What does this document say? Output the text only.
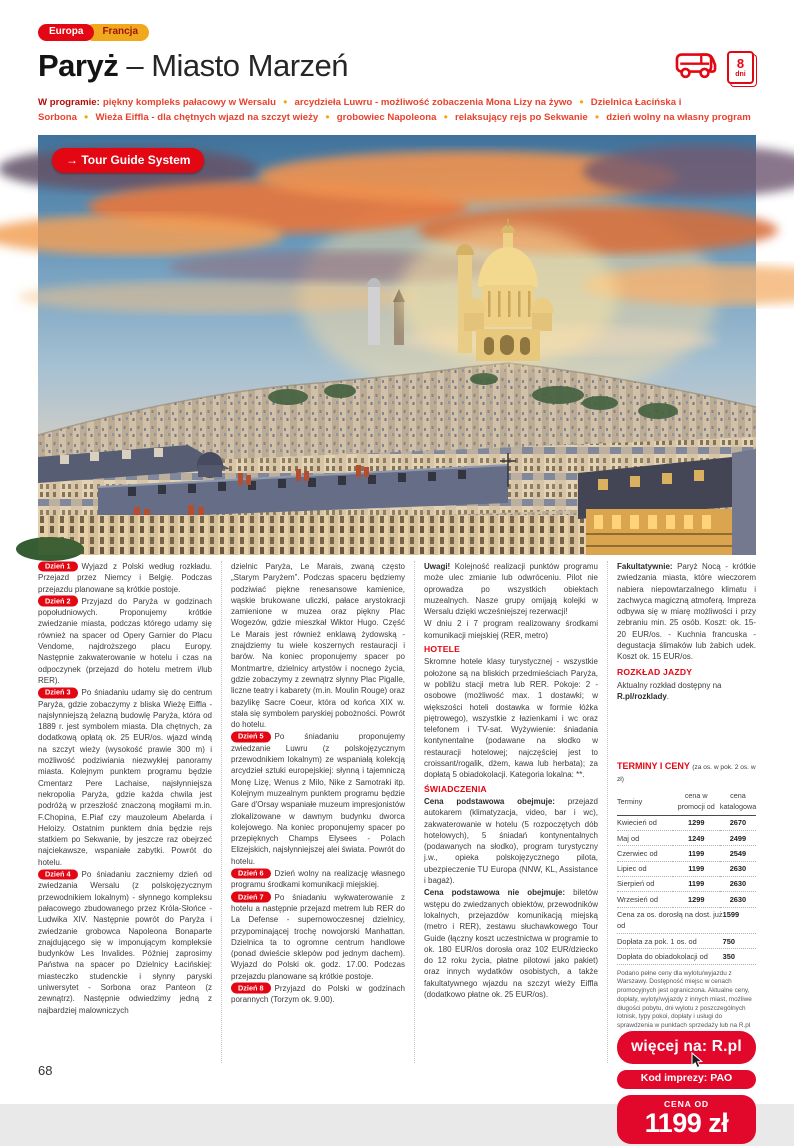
Europa	Francja
Paryż – Miasto Marzeń	8
dni
W programie: piękny kompleks pałacowy w Wersalu ● arcydzieła Luwru - możliwość zobaczenia Mona Lizy na żywo ● Dzielnica Łacińska i Sorbona ● Wieża Eiffla - dla chętnych wjazd na szczyt wieży ● grobowiec Napoleona ● relaksujący rejs po Sekwanie ● dzień wolny na własny program
→ Tour Guide System

Dzień 1 Wyjazd z Polski według rozkładu. Przejazd przez Niemcy i Belgię. Podczas przejazdu planowane są krótkie postoje.

Dzień 2 Przyjazd do Paryża w godzinach popołudniowych. Proponujemy krótkie zwiedzanie miasta, podczas którego udamy się również na spacer od Opery Garnier do Placu Vendome, najdroższego placu Europy. Następnie zakwaterowanie w hotelu i czas na odpoczynek (przejazd do hotelu metrem i/lub RER).

Dzień 3 Po śniadaniu udamy się do centrum Paryża, gdzie zobaczymy z bliska Wieżę Eiffla - najsłynniejszą żelazną budowlę Paryża, która od 1889 r. jest symbolem miasta. Dla chętnych, za dodatkową opłatą ok. 25 EUR/os. wjazd windą na szczyt wieży (wysokość prawie 300 m) i możliwość podziwiania niezwykłej panoramy miasta. Kolejnym punktem programu będzie Cmentarz Pere Lachaise, najsłynniejsza nekropolia Paryża, gdzie każda chwila jest podróżą w przeszłość znaczoną mogiłami m.in. F.Chopina, E.Piaf czy mauzoleum Abelarda i Heloizy. Ostatnim punktem dnia będzie rejs statkiem po Sekwanie, by jeszcze raz obejrzeć najciekawsze, wspaniałe zabytki. Powrót do hotelu.

Dzień 4 Po śniadaniu zaczniemy dzień od zwiedzania Wersalu (z polskojęzycznym przewodnikiem lokalnym) - słynnego kompleksu pałacowego zbudowanego przez Króla-Słońce - Ludwika XIV. Następnie powrót do Paryża i zwiedzanie grobowca Napoleona Bonaparte znajdującego się w imponującym kompleksie budynków Les Invalides. Później zaprosimy Państwa na spacer po Dzielnicy Łacińskiej: miasteczko studenckie i słynny paryski uniwersytet - Sorbona oraz Panteon (z zewnątrz). Następnie odwiedzimy jedną z najbardziej malowniczych

dzielnic Paryża, Le Marais, zwaną często „Starym Paryżem”. Podczas spaceru będziemy podziwiać piękne renesansowe kamienice, wąskie brukowane uliczki, pałace arystokracji zamienione w muzea oraz piękny Plac Wogezów, gdzie mieszkał Wiktor Hugo. Część Le Marais jest również enklawą żydowską - znajdziemy tu wiele koszernych restauracji i barów. Na koniec proponujemy spacer po Montmartre, dzielnicy artystów i nocnego życia, gdzie zobaczymy z zewnątrz słynny Plac Pigalle, liczne teatry i kabarety (m.in. Moulin Rouge) oraz bazylikę Sacre Coeur, która od końca XIX w. stała się symbolem paryskiej pobożności. Powrót do hotelu.

Dzień 5 Po śniadaniu proponujemy zwiedzanie Luwru (z polskojęzycznym przewodnikiem lokalnym) ze wspaniałą kolekcją arcydzieł sztuki europejskiej: słynną i tajemniczą Monę Lizę, Wenus z Milo, Nike z Samotraki itp. Kolejnym muzealnym punktem programu będzie Gare d'Orsay wspaniałe muzeum impresjonistów zlokalizowane w dawnym budynku dworca kolejowego. Na koniec proponujemy spacer po przepięknych Champs Elysees - Polach Elizejskich, najsłynniejszej alei świata. Powrót do hotelu.

Dzień 6 Dzień wolny na realizację własnego programu środkami komunikacji miejskiej.

Dzień 7 Po śniadaniu wykwaterowanie z hotelu a następnie przejazd metrem lub RER do La Defense - supernowoczesnej dzielnicy, przypominającej trochę nowojorski Manhattan. Dzielnica ta to ogromne centrum handlowe (ponad dwieście sklepów pod jednym dachem). Wyjazd do Polski ok. godz. 17.00. Podczas przejazdu planowane są krótkie postoje.

Dzień 8 Przyjazd do Polski w godzinach porannych (Torzym ok. 9.00).

Uwagi! Kolejność realizacji punktów programu może ulec zmianie lub odwróceniu. Pilot nie oprowadza po wszystkich obiektach muzealnych. Nasze grupy omijają kolejki w Wersalu dzięki wcześniejszej rezerwacji!

W dniu 2 i 7 program realizowany środkami komunikacji miejskiej (RER, metro)

HOTELE

Skromne hotele klasy turystycznej - wszystkie położone są na bliskich przedmieściach Paryża, w pobliżu stacji metra lub RER. Pokoje: 2 - osobowe (możliwość max. 1 dostawki; w większości hoteli dostawka w formie łóżka piętrowego), wszystkie z łazienkami i wc oraz telefonem i TV-sat. Wyżywienie: śniadania kontynentalne (podawane na słodko w restauracji hotelowej; najczęściej jest to croissant/rogalik, dżem, kawa lub herbata); za dopłatą 5 obiadokolacji. Kategoria lokalna: **.

ŚWIADCZENIA

Cena podstawowa obejmuje: przejazd autokarem (klimatyzacja, video, bar i wc), zakwaterowanie w hotelu (5 rozpoczętych dób hotelowych), 5 śniadań kontynentalnych (podawanych na słodko), program turystyczny j.w., opieka polskojęzycznego pilota, ubezpieczenie TU Europa (NNW, KL, Assistance i bagaż).

Cena podstawowa nie obejmuje: biletów wstępu do zwiedzanych obiektów, przewodników lokalnych, przejazdów komunikacją miejską (metro i RER), zestawu słuchawkowego Tour Guide (łączny koszt uczestnictwa w programie to ok. 180 EUR/os dorosła oraz 102 EUR/dziecko do 12 roku życia, płatne pilotowi jako pakiet) oraz innych wydatków osobistych, a także fakultatywnego wjazdu na szczyt wieży Eiffla (dodatkowo płatne ok. 25 EUR/os).

Fakultatywnie: Paryż Nocą - krótkie zwiedzania miasta, które wieczorem nabiera niepowtarzalnego klimatu i zachwyca magiczną atmoferą. Impreza odbywa się w miarę możliwości i przy zebraniu min. 25 osób. Koszt: ok. 15-20 EUR/os. - Kuchnia francuska - degustacja ślimaków lub żabich udek. Koszt ok. 15 EUR/os.

ROZKŁAD JAZDY

Aktualny rozkład dostępny na R.pl/rozklady.

TERMINY I CENY (za os. w pok. 2 os. w zł)
Terminy	cena w promocji od	cena katalogowa
Kwiecień od	1299	2670
Maj od	1249	2499
Czerwiec od	1199	2549
Lipiec od	1199	2630
Sierpień od	1199	2630
Wrzesień od	1299	2630
Cena za os. dorosłą na dost. już od
1599
Dopłata za pok. 1 os. od	750
Dopłata do obiadokolacji od	350
Podano pełne ceny dla wylotu/wyjazdu z Warszawy. Dostępność miejsc w cenach promocyjnych jest ograniczona. Aktualne ceny, dopłaty, wyloty/wyjazdy z innych miast, możliwe długości pobytu, dni wylotu z poszczególnych lotnisk, typy pokoi, dopłaty i usługi do sprawdzenia w punktach sprzedaży lub na R.pl
więcej na: R.pl
Kod imprezy: PAO
CENA OD
1199 zł
68
